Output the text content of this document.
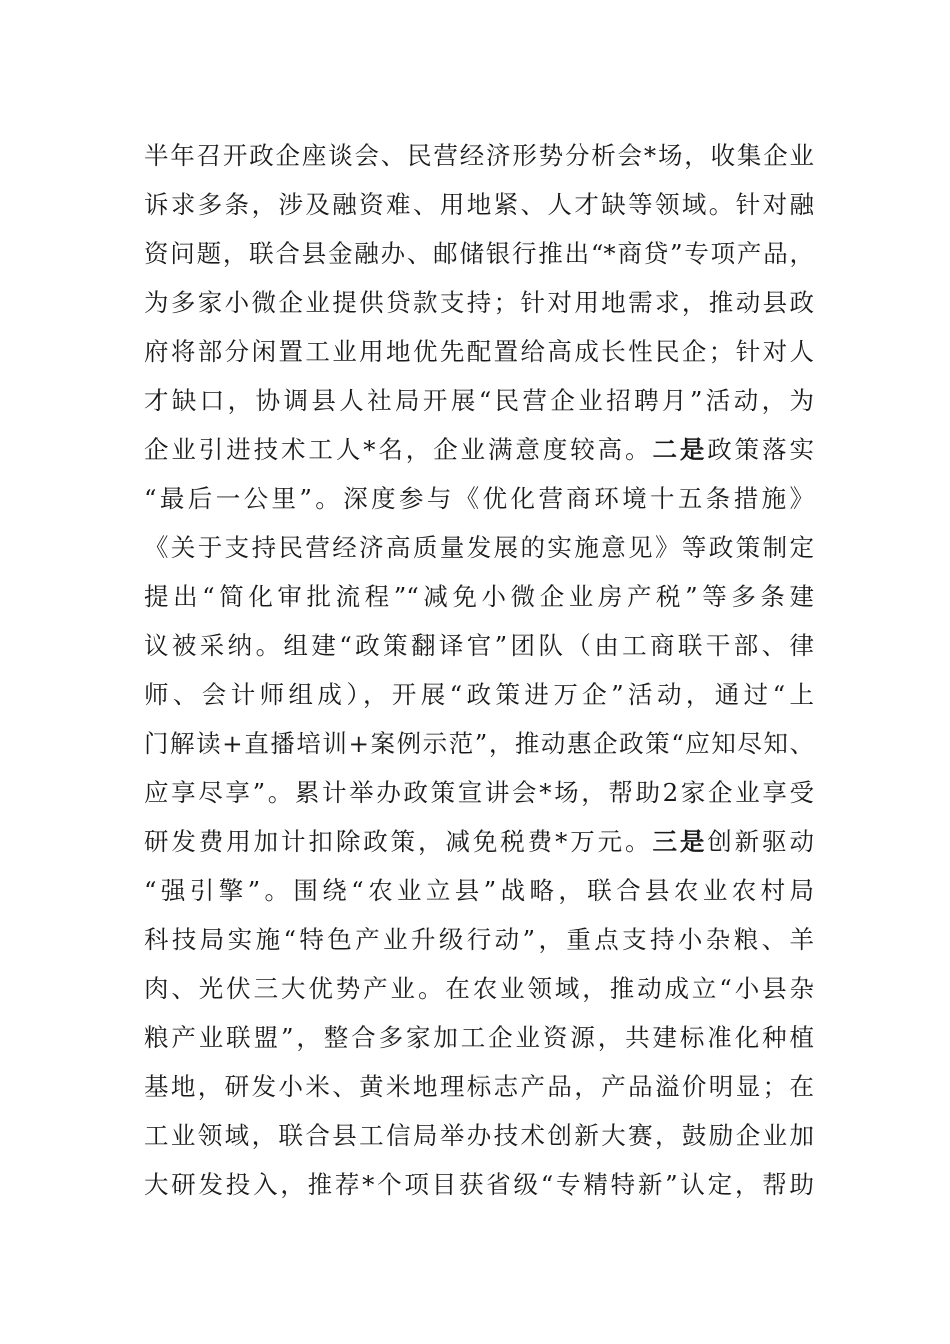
半年召开政企座谈会、民营经济形势分析会*场，收集企业
诉求多条，涉及融资难、用地紧、人才缺等领域。针对融
资问题，联合县金融办、邮储银行推出“*商贷”专项产品，
为多家小微企业提供贷款支持；针对用地需求，推动县政
府将部分闲置工业用地优先配置给高成长性民企；针对人
才缺口，协调县人社局开展“民营企业招聘月”活动，为
企业引进技术工人*名，企业满意度较高。二是政策落实
“最后一公里”。深度参与《优化营商环境十五条措施》
《关于支持民营经济高质量发展的实施意见》等政策制定
提出“简化审批流程”“减免小微企业房产税”等多条建
议被采纳。组建“政策翻译官”团队（由工商联干部、律
师、会计师组成），开展“政策进万企”活动，通过“上
门解读+直播培训+案例示范”，推动惠企政策“应知尽知、
应享尽享”。累计举办政策宣讲会*场，帮助2家企业享受
研发费用加计扣除政策，减免税费*万元。三是创新驱动
“强引擎”。围绕“农业立县”战略，联合县农业农村局
科技局实施“特色产业升级行动”，重点支持小杂粮、羊
肉、光伏三大优势产业。在农业领域，推动成立“小县杂
粮产业联盟”，整合多家加工企业资源，共建标准化种植
基地，研发小米、黄米地理标志产品，产品溢价明显；在
工业领域，联合县工信局举办技术创新大赛，鼓励企业加
大研发投入，推荐*个项目获省级“专精特新”认定，帮助
